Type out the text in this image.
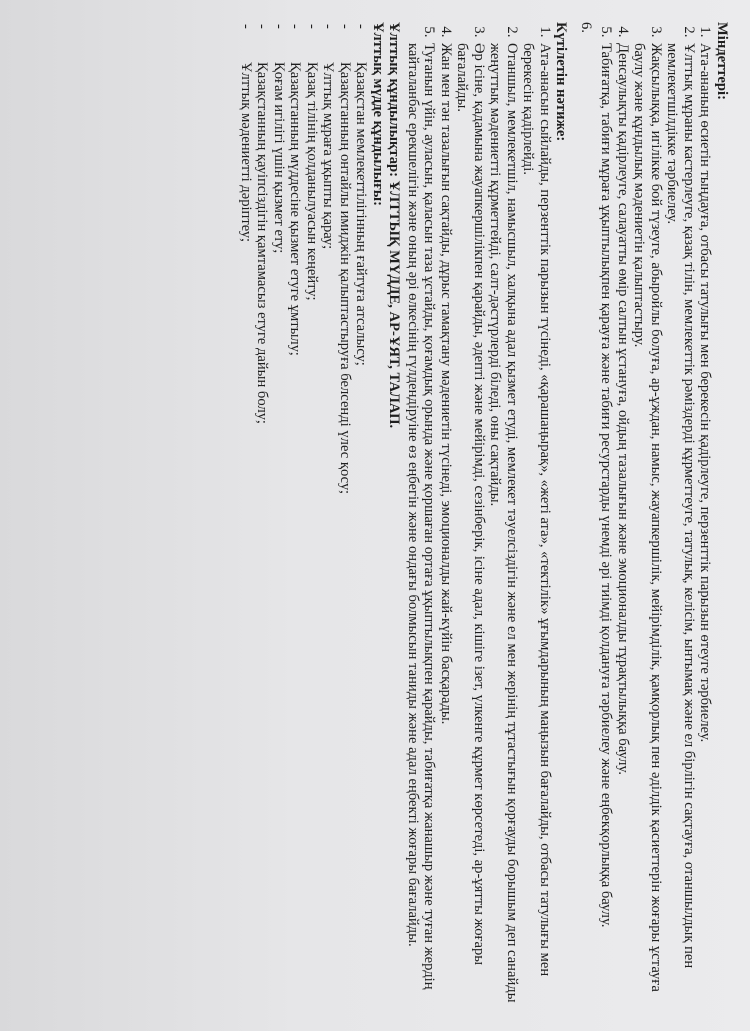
Міндеттері:

1. Ата-ананың өсиетін тыңдауға, отбасы татулығы мен берекесін қадірлеуге, перзенттік парызын өтеуге тәрбиелеу.
2. Ұлттық мұраны кастерлеуге, қазақ тілін, мемлекеттік рәміздерді құрметтеуге, татулық, келісім, ынтымақ және ел бірлігін сақтауға, отаншылдық пен мемлекетшілдікке тәрбиелеу.
3. Жақсылыққа, игілікке бой түзеуге, абыройлы болуға, ар-ұждан, намыс, жауапкершілік, мейірімділік, қамқорлық пен әділдік қасиеттерін жоғары ұстауға баулу және құндылық мәдениетін қалыптастыру.
4. Денсаулықты қадірлеуге, салауатты өмір салтын ұстануға, ойдың тазалығын және эмоционалды тұрақтылыққа баулу.
5. Табиғатқа, табиғи мұраға ұқыптылықпен қарауға және табиғи ресурстарды үнемді әрі тиімді қолдануға тәрбиелеу және еңбекқорлыққа баулу.
6.

Күтілетін нәтиже:

1. Ата-анасын сыйлайды, перзенттік парызын түсінеді, «қарашаңырақ», «жеті ата», «тектілік» ұғымдарының маңызын бағалайды, отбасы татулығы мен берекесін қадірлейді.
2. Отаншыл, мемлекетшіл, намысшыл, халқына адал қызмет етуді, мемлекет тәуелсіздігін және ел мен жерінің тұтастығын қорғауды борышым деп санайды жеңуттық мәдениетті құрметтейді, салт-дәстүрлерді біледі, оны сақтайды.
3. Әр ісіне, қадамына жауапкершілікпен қарайды, әдепті және мейірімді, сезінберік, ісіне адал, кішіге ізет, үлкенге құрмет көрсетеді, ар-ұятты жоғары бағалайды.
4. Жан мен тән тазалығын сақтайды, дұрыс тамақтану мәдениетін түсінеді, эмоционалды жай-күйін басқарады.
5. Туғанын үйін, ауласын, қаласын таза ұстайды, қоғамдық орында және қоршаған ортаға ұқыптылықпен қарайды, табиғатқа жанашыр және туған жердің кайталанбас ерекшелігін және оның әрі өлкесінің гүлдендіруіне өз еңбегін және ондағы болмысын таниды және адал еңбекті жоғары бағалайды.

Ұлттық құндылықтар: ҰЛТТЫҚ МҮДДЕ, АР-ҰЯТ, ТАЛАП.

Ұлттық мүдде құндылығы:

-
Қазақстан мемлекеттілігінның ғайтуға атсалысу;
-
Қазақстанның онтайлы имиджін қалыптастыруға белсенді үлес қосу;
-
Ұлттық мұраға ұқыпты қарау;
-
Қазақ тілінің қолданылуасын кеңейту;
-
Қазақстанның мүддесіне қызмет етуге ұмтылу;
-
Қоғам игілігі үшін қызмет ету;
-
Қазақстанның қауіпсіздігін қамтамасыз етуге дайын болу;
-
Ұлттық мәдениетті дәріптеу;
